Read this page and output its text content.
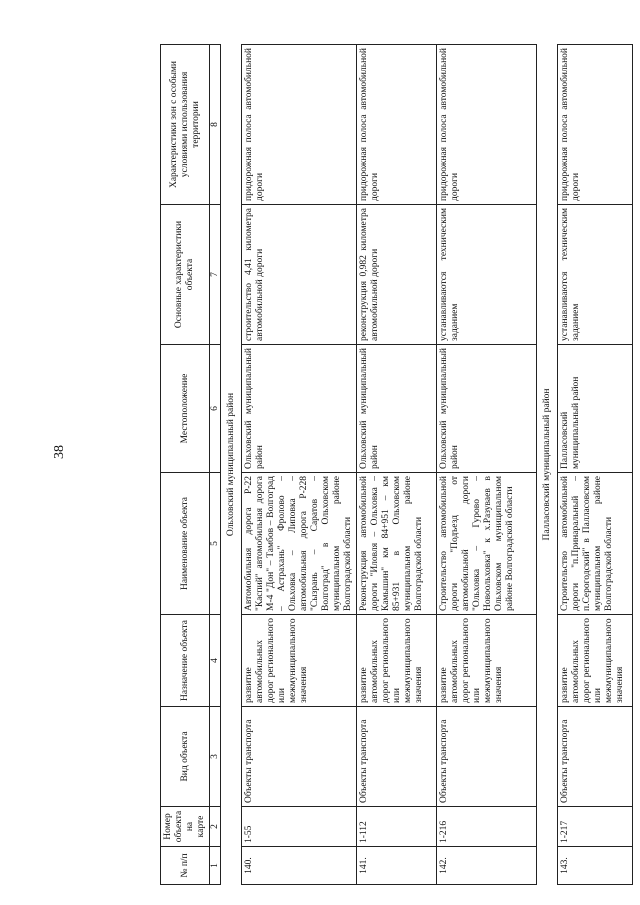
38
№ п/п	Номер объекта на карте	Вид объекта	Назначение объекта	Наименование объекта	Местоположение	Основные характеристики объекта	Характеристики зон с особыми условиями использования территории
1	2	3	4	5	6	7	8
Ольховский муниципальный район							
140.	1-55	Объекты транспорта	развитие автомобильных дорог регионального или межмуниципального значения	Автомобильная дорога Р-22 "Каспий" автомобильная дорога М-4 "Дон" – Тамбов – Волгоград – Астрахань" Фролово – Ольховка – Липовка – автомобильная дорога Р-228 "Сызрань – Саратов – Волгоград" в Ольховском муниципальном районе Волгоградской области	Ольховский муниципальный район	строительство 4,41 километра автомобильной дороги	придорожная полоса автомобильной дороги
141.	1-112	Объекты транспорта	развитие автомобильных дорог регионального или межмуниципального значения	Реконструкция автомобильной дороги "Иловля – Ольховка – Камышин" км 84+951 – км 85+931 в Ольховском муниципальном районе Волгоградской области	Ольховский муниципальный район	реконструкция 0,982 километра автомобильной дороги	придорожная полоса автомобильной дороги
142.	1-216	Объекты транспорта	развитие автомобильных дорог регионального или межмуниципального значения	Строительство автомобильной дороги "Подъезд от автомобильной дороги "Ольховка – Гурово – Новоольховка" к х.Разуваев в Ольховском муниципальном районе Волгоградской области	Ольховский муниципальный район	устанавливаются техническим заданием	придорожная полоса автомобильной дороги
Палласовский муниципальный район							
143.	1-217	Объекты транспорта	развитие автомобильных дорог регионального или межмуниципального значения	Строительство автомобильной дороги "п.Принаральный – п.Серогодский" в Палласовском муниципальном районе Волгоградской области	Палласовский муниципальный район	устанавливаются техническим заданием	придорожная полоса автомобильной дороги
